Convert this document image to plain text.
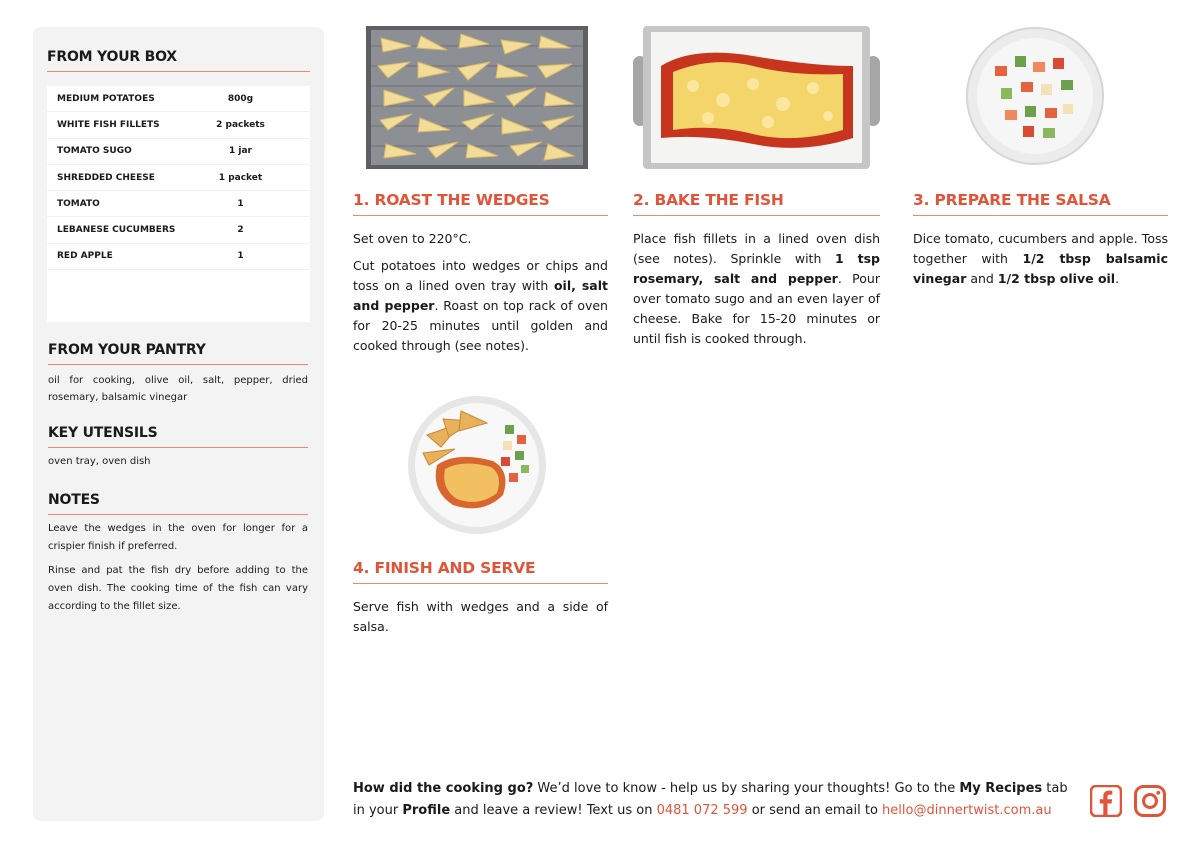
FROM YOUR BOX
MEDIUM POTATOES	800g
WHITE FISH FILLETS	2 packets
TOMATO SUGO	1 jar
SHREDDED CHEESE	1 packet
TOMATO	1
LEBANESE CUCUMBERS	2
RED APPLE	1
FROM YOUR PANTRY
oil for cooking, olive oil, salt, pepper, dried rosemary, balsamic vinegar
KEY UTENSILS
oven tray, oven dish
NOTES
Leave the wedges in the oven for longer for a crispier finish if preferred.
Rinse and pat the fish dry before adding to the oven dish. The cooking time of the fish can vary according to the fillet size.
1. ROAST THE WEDGES

Set oven to 220°C.

Cut potatoes into wedges or chips and toss on a lined oven tray with oil, salt and pepper. Roast on top rack of oven for 20-25 minutes until golden and cooked through (see notes).

2. BAKE THE FISH

Place fish fillets in a lined oven dish (see notes). Sprinkle with 1 tsp rosemary, salt and pepper. Pour over tomato sugo and an even layer of cheese. Bake for 15-20 minutes or until fish is cooked through.

3. PREPARE THE SALSA

Dice tomato, cucumbers and apple. Toss together with 1/2 tbsp balsamic vinegar and 1/2 tbsp olive oil.

4. FINISH AND SERVE

Serve fish with wedges and a side of salsa.

How did the cooking go? We’d love to know - help us by sharing your thoughts! Go to the My Recipes tab in your Profile and leave a review! Text us on 0481 072 599 or send an email to hello@dinnertwist.com.au
